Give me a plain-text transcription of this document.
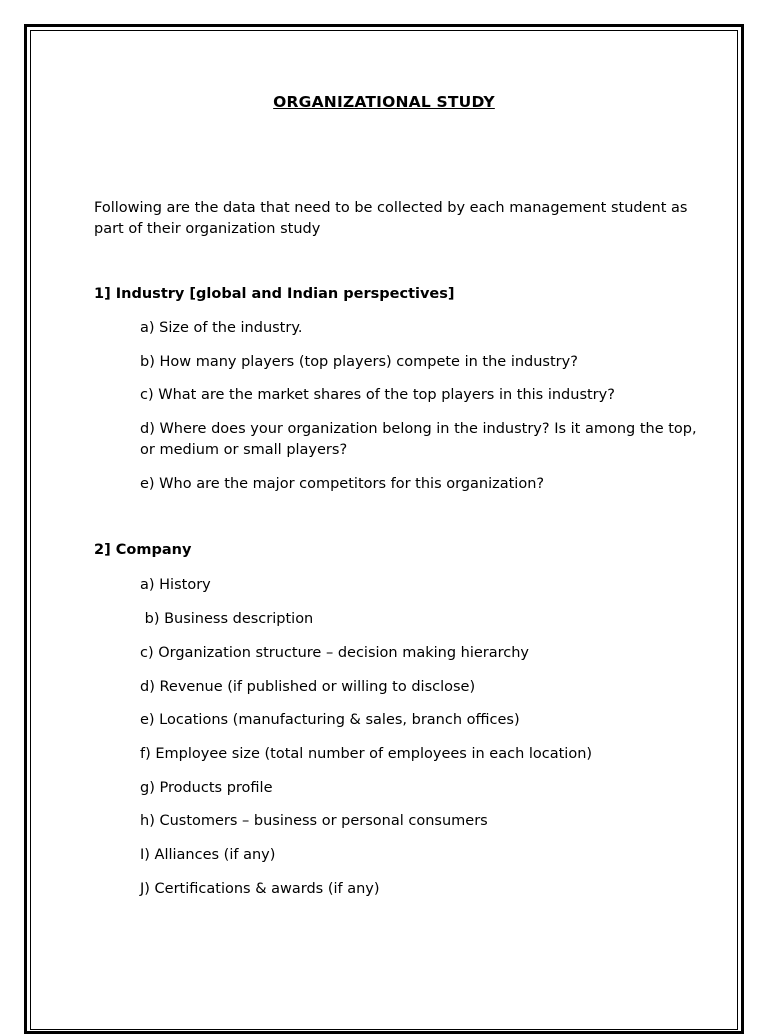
ORGANIZATIONAL STUDY

Following are the data that need to be collected by each management student as part of their organization study

1] Industry [global and Indian perspectives]

a) Size of the industry.

b) How many players (top players) compete in the industry?

c) What are the market shares of the top players in this industry?

d) Where does your organization belong in the industry? Is it among the top, or medium or small players?

e) Who are the major competitors for this organization?

2] Company

a) History

b) Business description

c) Organization structure – decision making hierarchy

d) Revenue (if published or willing to disclose)

e) Locations (manufacturing & sales, branch offices)

f) Employee size (total number of employees in each location)

g) Products profile

h) Customers – business or personal consumers

I) Alliances (if any)

J) Certifications & awards (if any)
